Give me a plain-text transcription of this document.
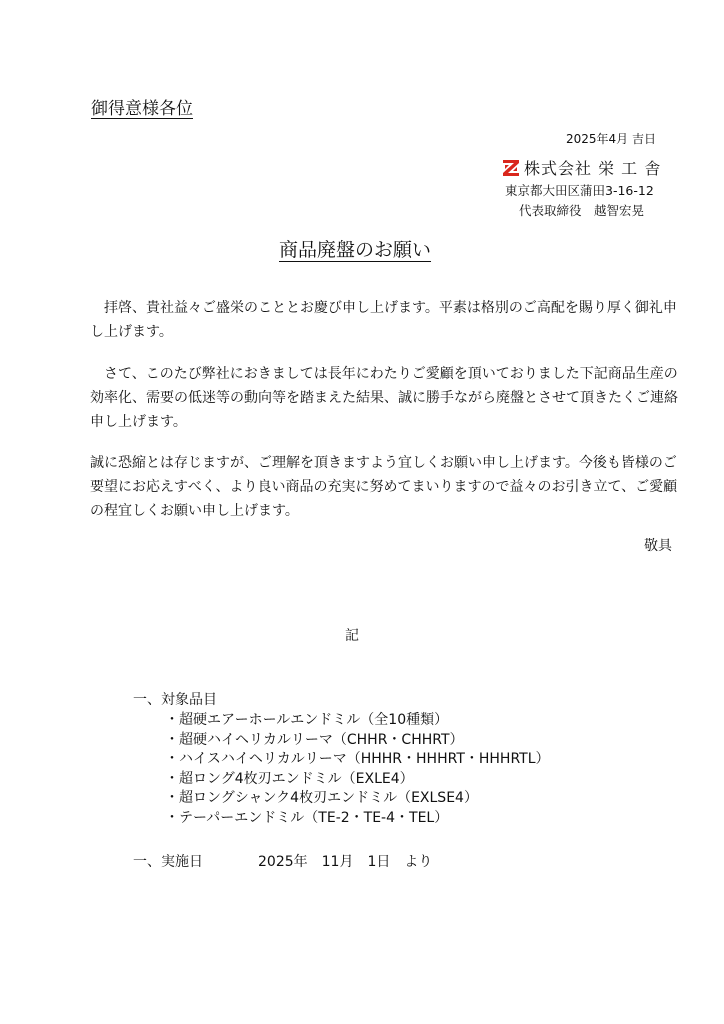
御得意様各位
2025年4月 吉日
株式会社 栄 工 舎
東京都大田区蒲田3-16-12
代表取締役　越智宏晃
商品廃盤のお願い
　拝啓、貴社益々ご盛栄のこととお慶び申し上げます。平素は格別のご高配を賜り厚く御礼申し上げます。
　さて、このたび弊社におきましては長年にわたりご愛顧を頂いておりました下記商品生産の効率化、需要の低迷等の動向等を踏まえた結果、誠に勝手ながら廃盤とさせて頂きたくご連絡申し上げます。
誠に恐縮とは存じますが、ご理解を頂きますよう宜しくお願い申し上げます。今後も皆様のご要望にお応えすべく、より良い商品の充実に努めてまいりますので益々のお引き立て、ご愛顧の程宜しくお願い申し上げます。
敬具
記
一、対象品目
・超硬エアーホールエンドミル（全10種類）
・超硬ハイヘリカルリーマ（CHHR・CHHRT）
・ハイスハイヘリカルリーマ（HHHR・HHHRT・HHHRTL）
・超ロング4枚刃エンドミル（EXLE4）
・超ロングシャンク4枚刃エンドミル（EXLSE4）
・テーパーエンドミル（TE-2・TE-4・TEL）
一、実施日	2025年　11月　1日　より
